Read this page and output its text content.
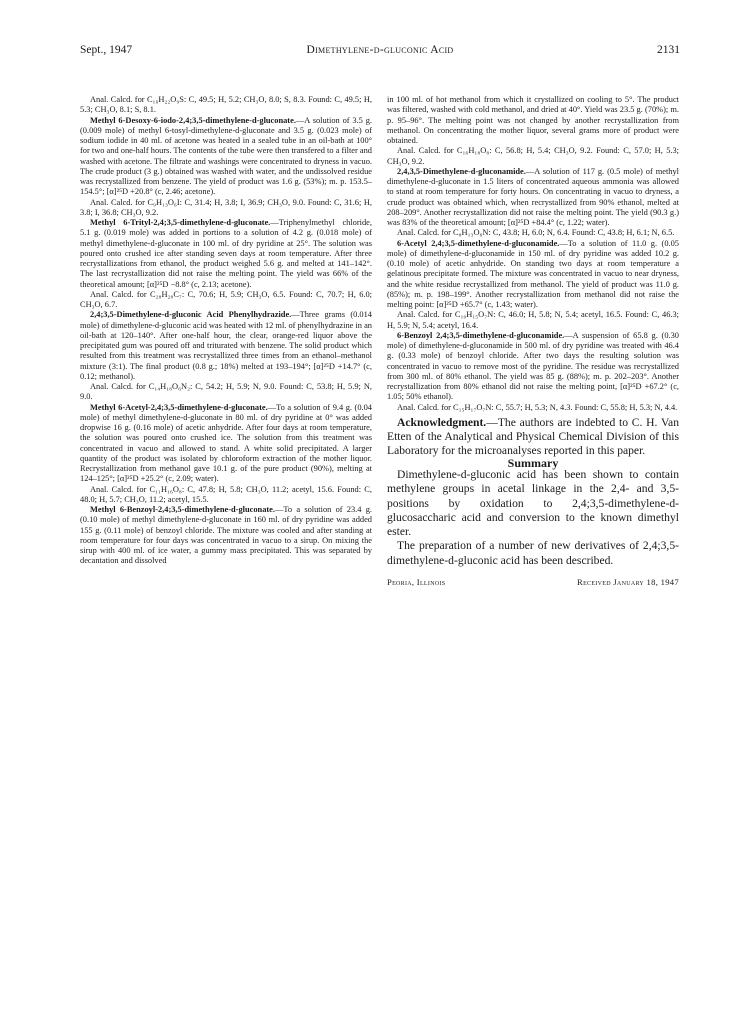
Sept., 1947	Dimethylene-d-gluconic Acid	2131

Anal. Calcd. for C₁₆H₂₂O₉S: C, 49.5; H, 5.2; CH₃O, 8.0; S, 8.3. Found: C, 49.5; H, 5.3; CH₃O, 8.1; S, 8.1.

Methyl 6-Desoxy-6-iodo-2,4;3,5-dimethylene-d-gluconate.—A solution of 3.5 g. (0.009 mole) of methyl 6-tosyl-dimethylene-d-gluconate and 3.5 g. (0.023 mole) of sodium iodide in 40 ml. of acetone was heated in a sealed tube in an oil-bath at 100° for two and one-half hours. The contents of the tube were then transfered to a filter and washed with acetone. The filtrate and washings were concentrated to dryness in vacuo. The crude product (3 g.) obtained was washed with water, and the undissolved residue was recrystallized from benzene. The yield of product was 1.6 g. (53%); m. p. 153.5–154.5°; [α]²⁵D +20.8° (c, 2.46; acetone).

Anal. Calcd. for C₉H₁₃O₆I: C, 31.4; H, 3.8; I, 36.9; CH₃O, 9.0. Found: C, 31.6; H, 3.8; I, 36.8; CH₃O, 9.2.

Methyl 6-Trityl-2,4;3,5-dimethylene-d-gluconate.—Triphenylmethyl chloride, 5.1 g. (0.019 mole) was added in portions to a solution of 4.2 g. (0.018 mole) of methyl dimethylene-d-gluconate in 100 ml. of dry pyridine at 25°. The solution was poured onto crushed ice after standing seven days at room temperature. After three recrystallizations from ethanol, the product weighed 5.6 g. and melted at 141–142°. The last recrystallization did not raise the melting point. The yield was 66% of the theoretical amount; [α]²⁵D −8.8° (c, 2.13; acetone).

Anal. Calcd. for C₂₈H₂₈C₇: C, 70.6; H, 5.9; CH₃O, 6.5. Found: C, 70.7; H, 6.0; CH₃O, 6.7.

2,4;3,5-Dimethylene-d-gluconic Acid Phenylhydrazide.—Three grams (0.014 mole) of dimethylene-d-gluconic acid was heated with 12 ml. of phenylhydrazine in an oil-bath at 120–140°. After one-half hour, the clear, orange-red liquor above the precipitated gum was poured off and triturated with benzene. The solid product which resulted from this treatment was recrystallized three times from an ethanol–methanol mixture (3:1). The final product (0.8 g.; 18%) melted at 193–194°; [α]²⁵D +14.7° (c, 0.12; methanol).

Anal. Calcd. for C₁₄H₁₈O₆N₂: C, 54.2; H, 5.9; N, 9.0. Found: C, 53.8; H, 5.9; N, 9.0.

Methyl 6-Acetyl-2,4;3,5-dimethylene-d-gluconate.—To a solution of 9.4 g. (0.04 mole) of methyl dimethylene-d-gluconate in 80 ml. of dry pyridine at 0° was added dropwise 16 g. (0.16 mole) of acetic anhydride. After four days at room temperature, the solution was poured onto crushed ice. The solution from this treatment was concentrated in vacuo and allowed to stand. A white solid precipitated. A larger quantity of the product was isolated by chloroform extraction of the mother liquor. Recrystallization from methanol gave 10.1 g. of the pure product (90%), melting at 124–125°; [α]²⁵D +25.2° (c, 2.09; water).

Anal. Calcd. for C₁₁H₁₆O₈: C, 47.8; H, 5.8; CH₃O, 11.2; acetyl, 15.6. Found: C, 48.0; H, 5.7; CH₃O, 11.2; acetyl, 15.5.

Methyl 6-Benzoyl-2,4;3,5-dimethylene-d-gluconate.—To a solution of 23.4 g. (0.10 mole) of methyl dimethylene-d-gluconate in 160 ml. of dry pyridine was added 155 g. (0.11 mole) of benzoyl chloride. The mixture was cooled and after standing at room temperature for four days was concentrated in vacuo to a sirup. On mixing the sirup with 400 ml. of ice water, a gummy mass precipitated. This was separated by decantation and dissolved

in 100 ml. of hot methanol from which it crystallized on cooling to 5°. The product was filtered, washed with cold methanol, and dried at 40°. Yield was 23.5 g. (70%); m. p. 95–96°. The melting point was not changed by another recrystallization from methanol. On concentrating the mother liquor, several grams more of product were obtained.

Anal. Calcd. for C₁₆H₁₈O₈: C, 56.8; H, 5.4; CH₃O, 9.2. Found: C, 57.0; H, 5.3; CH₃O, 9.2.

2,4,3,5-Dimethylene-d-gluconamide.—A solution of 117 g. (0.5 mole) of methyl dimethylene-d-gluconate in 1.5 liters of concentrated aqueous ammonia was allowed to stand at room temperature for forty hours. On concentrating in vacuo to dryness, a crude product was obtained which, when recrystallized from 90% ethanol, melted at 208–209°. Another recrystallization did not raise the melting point. The yield (90.3 g.) was 83% of the theoretical amount; [α]²⁵D +84.4° (c, 1.22; water).

Anal. Calcd. for C₈H₁₃O₆N: C, 43.8; H, 6.0; N, 6.4. Found: C, 43.8; H, 6.1; N, 6.5.

6-Acetyl 2,4;3,5-dimethylene-d-gluconamide.—To a solution of 11.0 g. (0.05 mole) of dimethylene-d-gluconamide in 150 ml. of dry pyridine was added 10.2 g. (0.10 mole) of acetic anhydride. On standing two days at room temperature a gelatinous precipitate formed. The mixture was concentrated in vacuo to near dryness, and the white residue recrystallized from methanol. The yield of product was 11.0 g. (85%); m. p. 198–199°. Another recrystallization from methanol did not raise the melting point: [α]²⁵D +65.7° (c, 1.43; water).

Anal. Calcd. for C₁₀H₁₅O₇N: C, 46.0; H, 5.8; N, 5.4; acetyl, 16.5. Found: C, 46.3; H, 5.9; N, 5.4; acetyl, 16.4.

6-Benzoyl 2,4;3,5-dimethylene-d-gluconamide.—A suspension of 65.8 g. (0.30 mole) of dimethylene-d-gluconamide in 500 ml. of dry pyridine was treated with 46.4 g. (0.33 mole) of benzoyl chloride. After two days the resulting solution was concentrated in vacuo to remove most of the pyridine. The residue was recrystallized from 300 ml. of 80% ethanol. The yield was 85 g. (88%); m. p. 202–203°. Another recrystallization from 80% ethanol did not raise the melting point, [α]²⁵D +67.2° (c, 1.05; 50% ethanol).

Anal. Calcd. for C₁₅H₁₇O₇N: C, 55.7; H, 5.3; N, 4.3. Found: C, 55.8; H, 5.3; N, 4.4.

Acknowledgment.—The authors are indebted to C. H. Van Etten of the Analytical and Physical Chemical Division of this Laboratory for the microanalyses reported in this paper.

Summary

Dimethylene-d-gluconic acid has been shown to contain methylene groups in acetal linkage in the 2,4- and 3,5-positions by oxidation to 2,4;3,5-dimethylene-d-glucosaccharic acid and conversion to the known dimethyl ester.

The preparation of a number of new derivatives of 2,4;3,5-dimethylene-d-gluconic acid has been described.

Peoria, Illinois	Received January 18, 1947
